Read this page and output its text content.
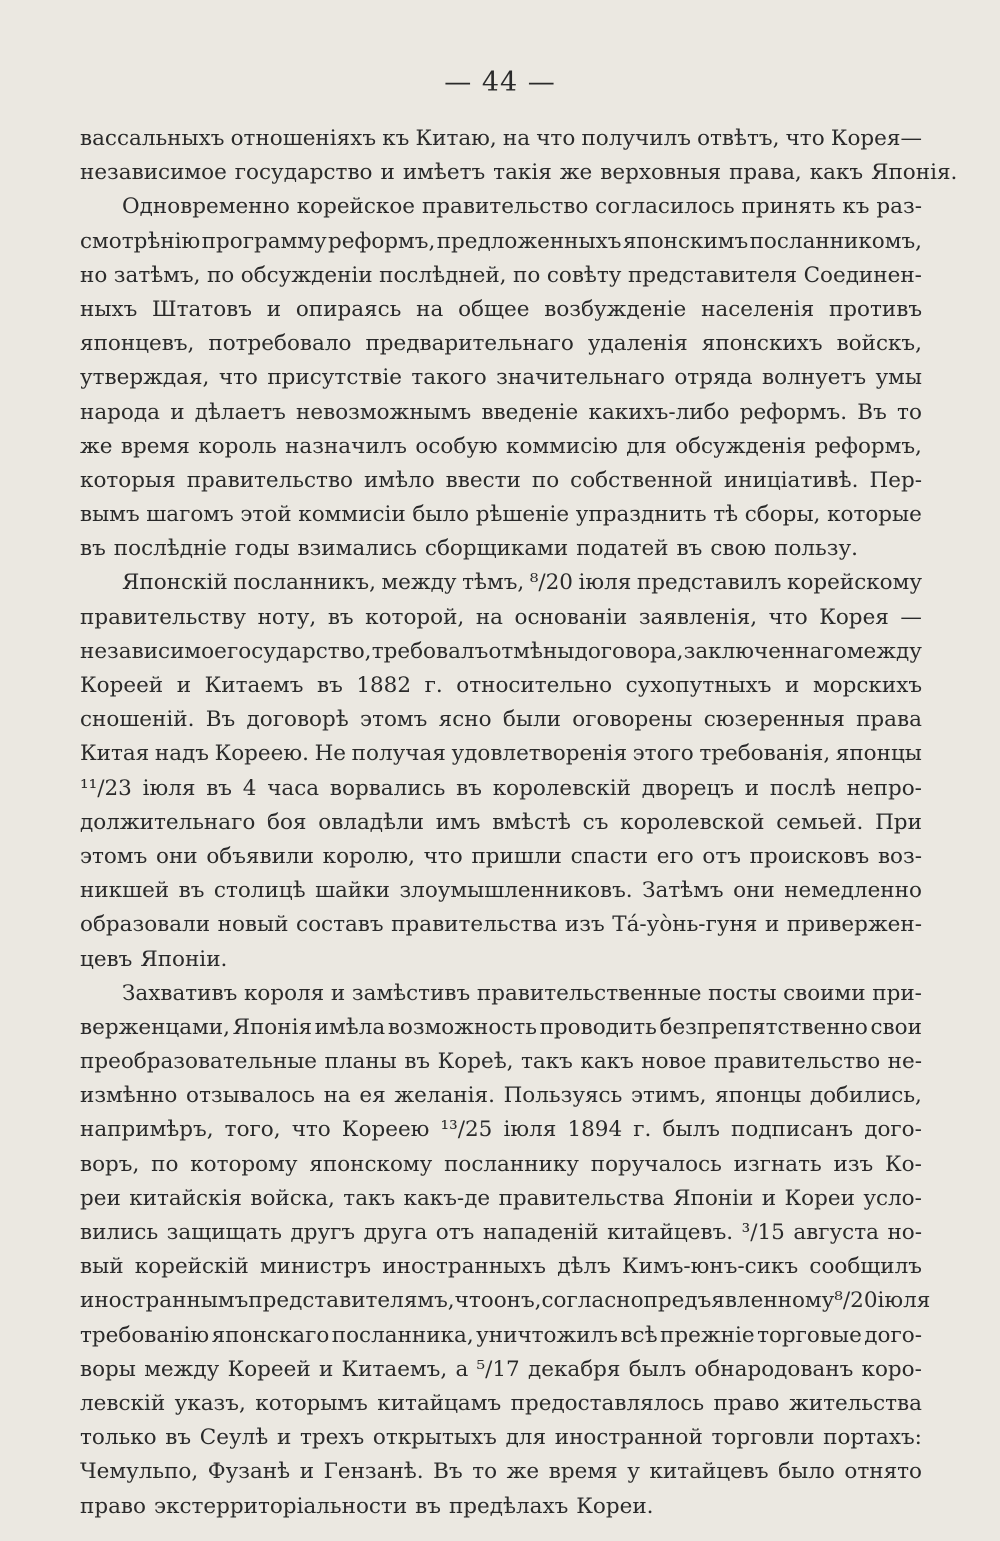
— 44 —
вассальныхъ отношеніяхъ къ Китаю, на что получилъ отвѣтъ, что Корея—
независимое государство и имѣетъ такія же верховныя права, какъ Японія.
Одновременно корейское правительство согласилось принять къ раз-
смотрѣнію программу реформъ, предложенныхъ японскимъ посланникомъ,
но затѣмъ, по обсужденіи послѣдней, по совѣту представителя Соединен-
ныхъ Штатовъ и опираясь на общее возбужденіе населенія противъ
японцевъ, потребовало предварительнаго удаленія японскихъ войскъ,
утверждая, что присутствіе такого значительнаго отряда волнуетъ умы
народа и дѣлаетъ невозможнымъ введеніе какихъ-либо реформъ. Въ то
же время король назначилъ особую коммисію для обсужденія реформъ,
которыя правительство имѣло ввести по собственной иниціативѣ. Пер-
вымъ шагомъ этой коммисіи было рѣшеніе упразднить тѣ сборы, которые
въ послѣдніе годы взимались сборщиками податей въ свою пользу.
Японскій посланникъ, между тѣмъ, ⁸/20 іюля представилъ корейскому
правительству ноту, въ которой, на основаніи заявленія, что Корея —
независимое государство, требовалъ отмѣны договора, заключеннаго между
Кореей и Китаемъ въ 1882 г. относительно сухопутныхъ и морскихъ
сношеній. Въ договорѣ этомъ ясно были оговорены сюзеренныя права
Китая надъ Кореею. Не получая удовлетворенія этого требованія, японцы
¹¹/23 іюля въ 4 часа ворвались въ королевскій дворецъ и послѣ непро-
должительнаго боя овладѣли имъ вмѣстѣ съ королевской семьей. При
этомъ они объявили королю, что пришли спасти его отъ происковъ воз-
никшей въ столицѣ шайки злоумышленниковъ. Затѣмъ они немедленно
образовали новый составъ правительства изъ Тá-уòнь-гуня и привержен-
цевъ Японіи.
Захвативъ короля и замѣстивъ правительственные посты своими при-
верженцами, Японія имѣла возможность проводить безпрепятственно свои
преобразовательные планы въ Кореѣ, такъ какъ новое правительство не-
измѣнно отзывалось на ея желанія. Пользуясь этимъ, японцы добились,
напримѣръ, того, что Кореею ¹³/25 іюля 1894 г. былъ подписанъ дого-
воръ, по которому японскому посланнику поручалось изгнать изъ Ко-
реи китайскія войска, такъ какъ-де правительства Японіи и Кореи усло-
вились защищать другъ друга отъ нападеній китайцевъ. ³/15 августа но-
вый корейскій министръ иностранныхъ дѣлъ Кимъ-юнъ-сикъ сообщилъ
иностраннымъ представителямъ, что онъ, согласно предъявленному ⁸/20 іюля
требованію японскаго посланника, уничтожилъ всѣ прежніе торговые дого-
воры между Кореей и Китаемъ, а ⁵/17 декабря былъ обнародованъ коро-
левскій указъ, которымъ китайцамъ предоставлялось право жительства
только въ Сеулѣ и трехъ открытыхъ для иностранной торговли портахъ:
Чемульпо, Фузанѣ и Гензанѣ. Въ то же время у китайцевъ было отнято
право экстерриторіальности въ предѣлахъ Кореи.
